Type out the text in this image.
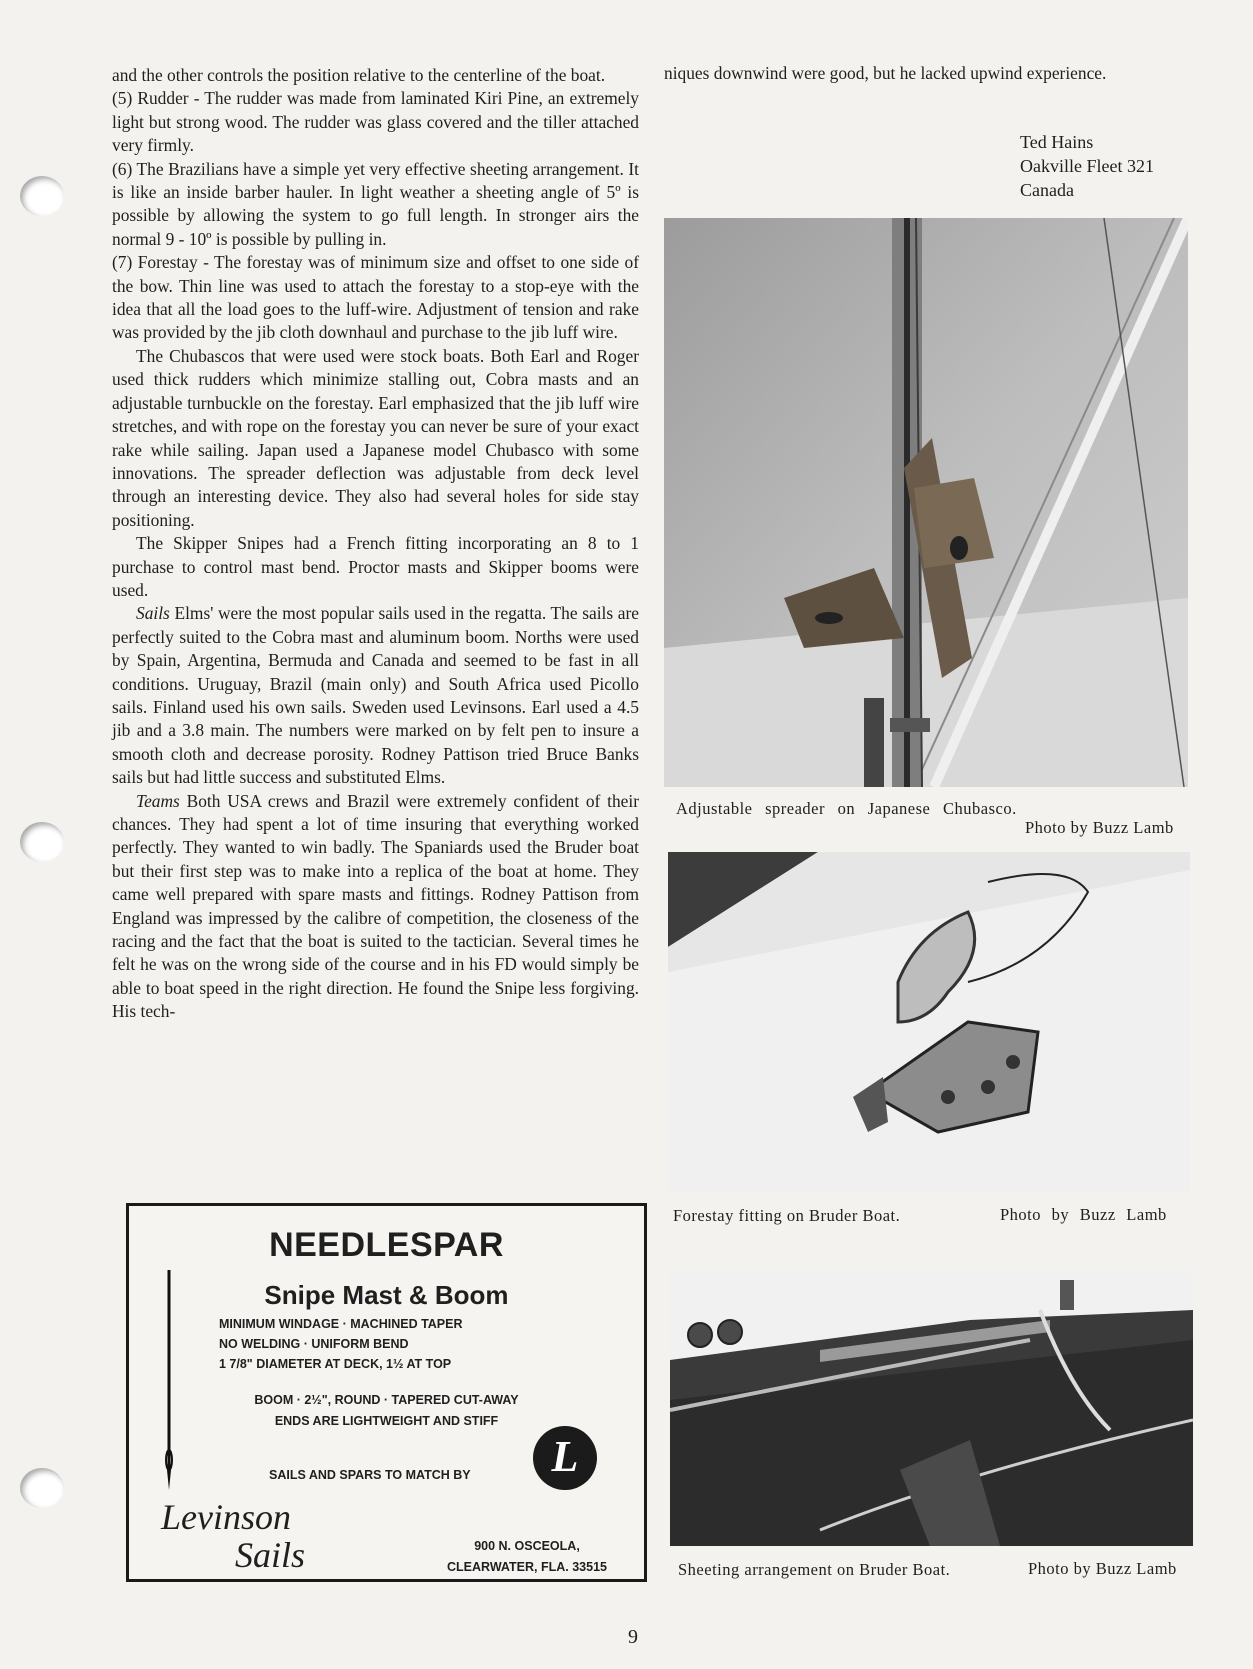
and the other controls the position relative to the centerline of the boat.

(5) Rudder - The rudder was made from laminated Kiri Pine, an extremely light but strong wood. The rudder was glass covered and the tiller attached very firmly.

(6) The Brazilians have a simple yet very effective sheeting arrangement. It is like an inside barber hauler. In light weather a sheeting angle of 5º is possible by allowing the system to go full length. In stronger airs the normal 9 - 10º is possible by pulling in.

(7) Forestay - The forestay was of minimum size and offset to one side of the bow. Thin line was used to attach the forestay to a stop-eye with the idea that all the load goes to the luff-wire. Adjustment of tension and rake was provided by the jib cloth downhaul and purchase to the jib luff wire.

The Chubascos that were used were stock boats. Both Earl and Roger used thick rudders which minimize stalling out, Cobra masts and an adjustable turnbuckle on the forestay. Earl emphasized that the jib luff wire stretches, and with rope on the forestay you can never be sure of your exact rake while sailing. Japan used a Japanese model Chubasco with some innovations. The spreader deflection was adjustable from deck level through an interesting device. They also had several holes for side stay positioning.

The Skipper Snipes had a French fitting incorporating an 8 to 1 purchase to control mast bend. Proctor masts and Skipper booms were used.

Sails Elms' were the most popular sails used in the regatta. The sails are perfectly suited to the Cobra mast and aluminum boom. Norths were used by Spain, Argentina, Bermuda and Canada and seemed to be fast in all conditions. Uruguay, Brazil (main only) and South Africa used Picollo sails. Finland used his own sails. Sweden used Levinsons. Earl used a 4.5 jib and a 3.8 main. The numbers were marked on by felt pen to insure a smooth cloth and decrease porosity. Rodney Pattison tried Bruce Banks sails but had little success and substituted Elms.

Teams Both USA crews and Brazil were extremely confident of their chances. They had spent a lot of time insuring that everything worked perfectly. They wanted to win badly. The Spaniards used the Bruder boat but their first step was to make into a replica of the boat at home. They came well prepared with spare masts and fittings. Rodney Pattison from England was impressed by the calibre of competition, the closeness of the racing and the fact that the boat is suited to the tactician. Several times he felt he was on the wrong side of the course and in his FD would simply be able to boat speed in the right direction. He found the Snipe less forgiving. His tech-

niques downwind were good, but he lacked upwind experience.
Ted Hains
Oakville Fleet 321
Canada
Adjustable spreader on Japanese Chubasco.
Photo by Buzz Lamb
Forestay fitting on Bruder Boat.	Photo by Buzz Lamb
Sheeting arrangement on Bruder Boat.	Photo by Buzz Lamb
NEEDLESPAR
Snipe Mast & Boom
MINIMUM WINDAGE · MACHINED TAPER
NO WELDING · UNIFORM BEND
1 7/8" DIAMETER AT DECK, 1½ AT TOP
BOOM · 2½", ROUND · TAPERED CUT-AWAY
ENDS ARE LIGHTWEIGHT AND STIFF
L
SAILS AND SPARS TO MATCH BY
Levinson
Sails	900 N. OSCEOLA,
CLEARWATER, FLA. 33515
9
